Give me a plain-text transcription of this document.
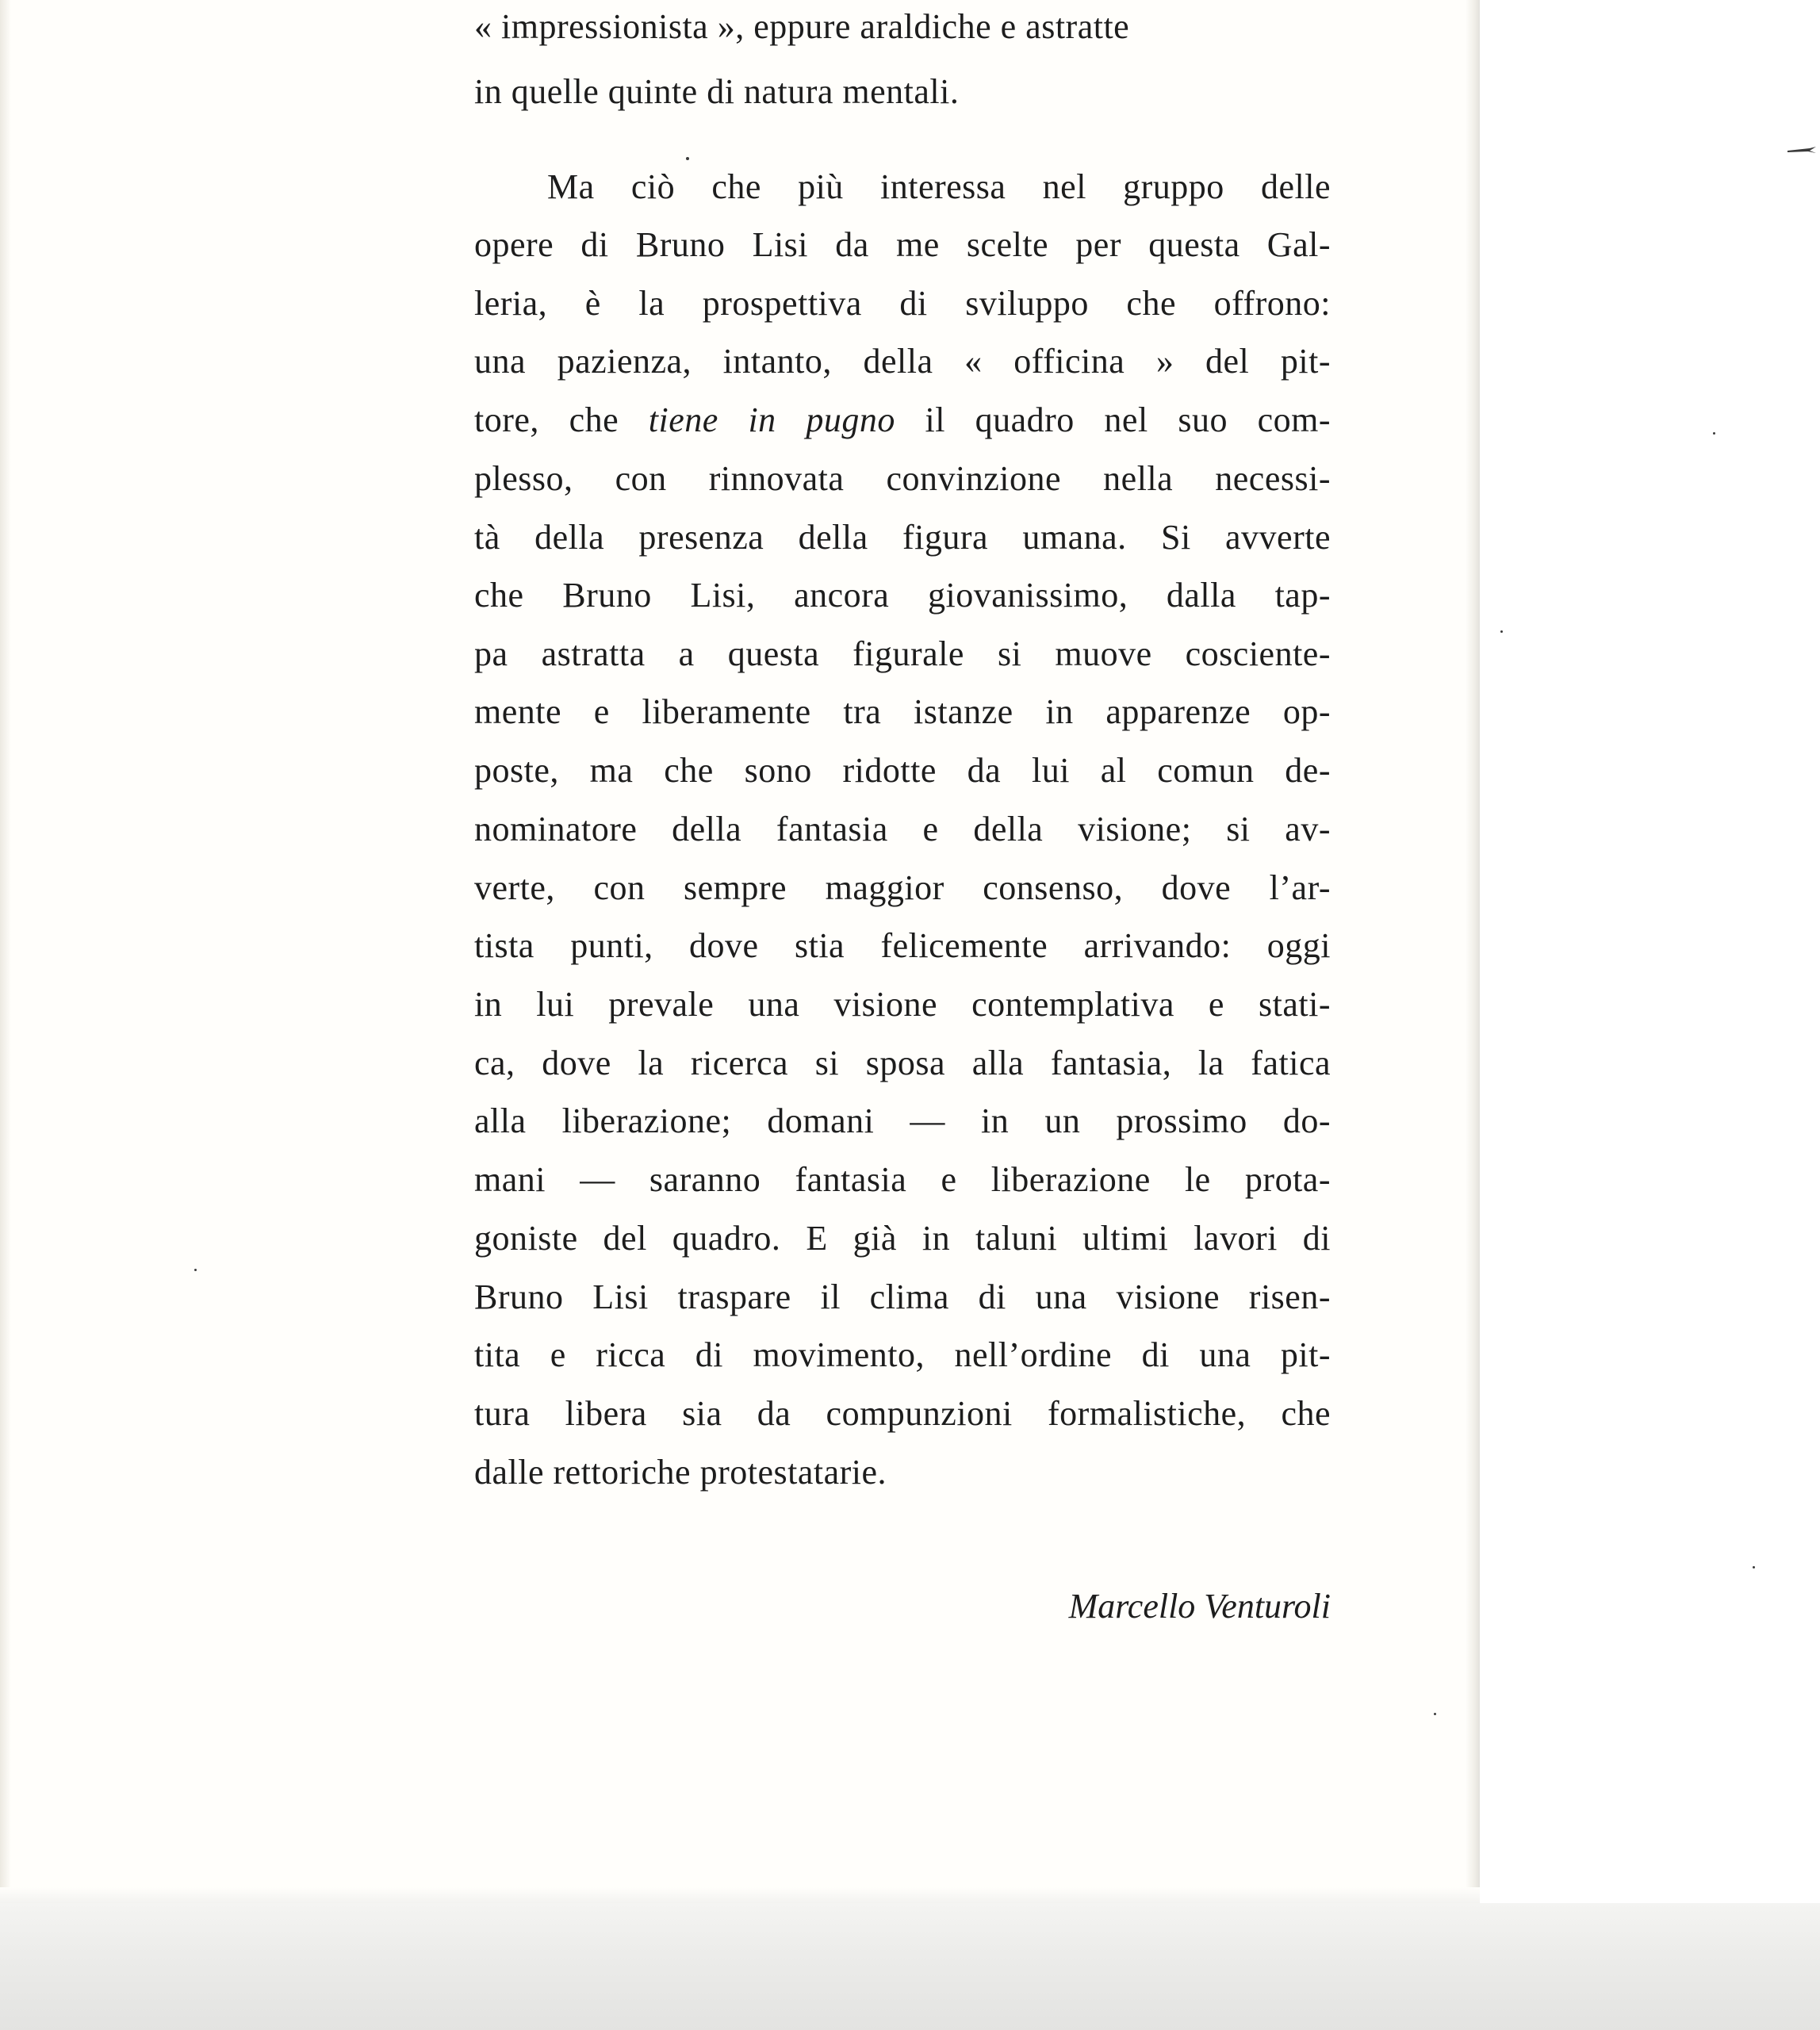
« impressionista », eppure araldiche e astratte
in quelle quinte di natura mentali.
Ma ciò che più interessa nel gruppo delle
opere di Bruno Lisi da me scelte per questa Gal-
leria, è la prospettiva di sviluppo che offrono:
una pazienza, intanto, della « officina » del pit-
tore, che tiene in pugno il quadro nel suo com-
plesso, con rinnovata convinzione nella necessi-
tà della presenza della figura umana. Si avverte
che Bruno Lisi, ancora giovanissimo, dalla tap-
pa astratta a questa figurale si muove cosciente-
mente e liberamente tra istanze in apparenze op-
poste, ma che sono ridotte da lui al comun de-
nominatore della fantasia e della visione; si av-
verte, con sempre maggior consenso, dove l’ar-
tista punti, dove stia felicemente arrivando: oggi
in lui prevale una visione contemplativa e stati-
ca, dove la ricerca si sposa alla fantasia, la fatica
alla liberazione; domani — in un prossimo do-
mani — saranno fantasia e liberazione le prota-
goniste del quadro. E già in taluni ultimi lavori di
Bruno Lisi traspare il clima di una visione risen-
tita e ricca di movimento, nell’ordine di una pit-
tura libera sia da compunzioni formalistiche, che
dalle rettoriche protestatarie.
Marcello Venturoli
